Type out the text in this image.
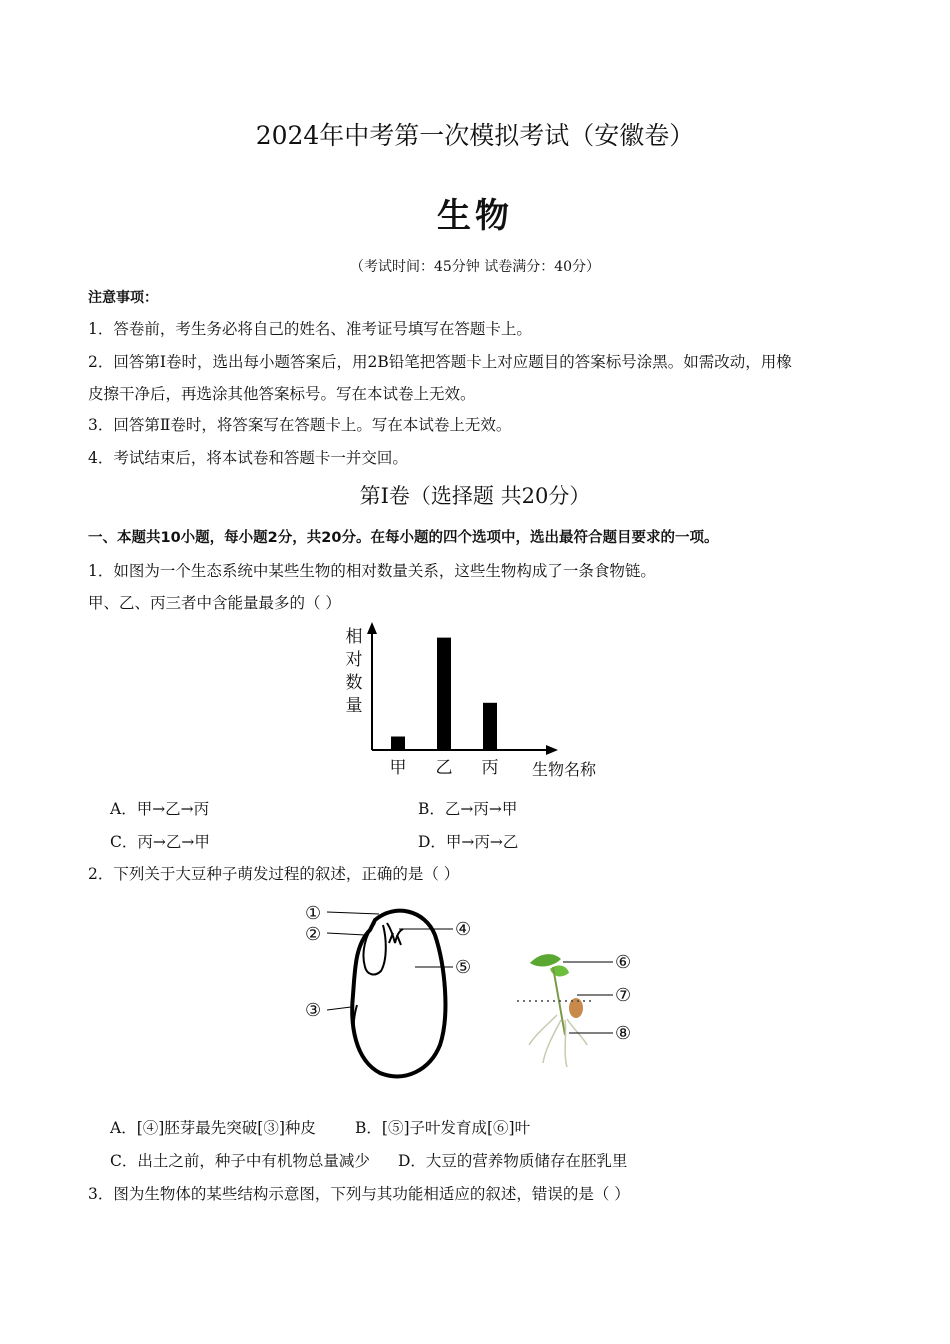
2024年中考第一次模拟考试（安徽卷）
生物
（考试时间：45分钟 试卷满分：40分）
注意事项：
1．答卷前，考生务必将自己的姓名、准考证号填写在答题卡上。
2．回答第Ⅰ卷时，选出每小题答案后，用2B铅笔把答题卡上对应题目的答案标号涂黑。如需改动，用橡
皮擦干净后，再选涂其他答案标号。写在本试卷上无效。
3．回答第Ⅱ卷时，将答案写在答题卡上。写在本试卷上无效。
4．考试结束后，将本试卷和答题卡一并交回。
第Ⅰ卷（选择题 共20分）
一、本题共10小题，每小题2分，共20分。在每小题的四个选项中，选出最符合题目要求的一项。
1．如图为一个生态系统中某些生物的相对数量关系，这些生物构成了一条食物链。
甲、乙、丙三者中含能量最多的（ ）
相
对
数
量
甲 乙 丙 生物名称
A．甲→乙→丙	B．乙→丙→甲
C．丙→乙→甲	D．甲→丙→乙
2．下列关于大豆种子萌发过程的叙述，正确的是（ ）
①
②
③
④
⑤	⑥
⑦
⑧
A．[④]胚芽最先突破[③]种皮	B．[⑤]子叶发育成[⑥]叶
C．出土之前，种子中有机物总量减少 D．大豆的营养物质储存在胚乳里
3．图为生物体的某些结构示意图，下列与其功能相适应的叙述，错误的是（ ）
